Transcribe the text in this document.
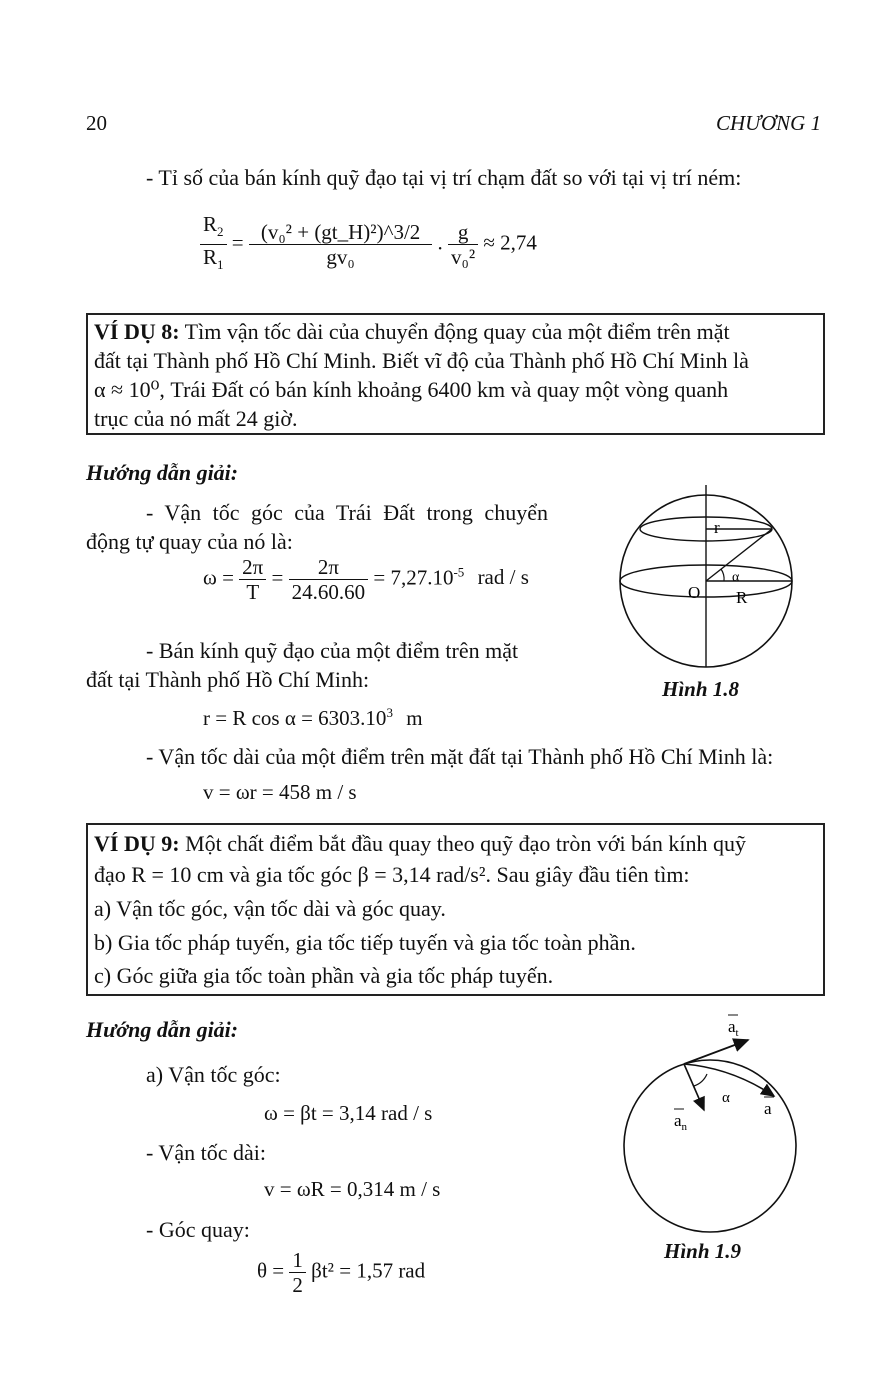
20	CHƯƠNG 1
- Tỉ số của bán kính quỹ đạo tại vị trí chạm đất so với tại vị trí ném:
$\frac{R_2}{R_1} = \frac{\text{(v₀² + (gt\_H)²)\textasciicircum{}3/2}}{\text{gv₀}}$ . $\frac{g}{\text{v₀²}} \approx 2,74$
VÍ DỤ 8: Tìm vận tốc dài của chuyển động quay của một điểm trên mặt
đất tại Thành phố Hồ Chí Minh. Biết vĩ độ của Thành phố Hồ Chí Minh là
α ≈ 10⁰, Trái Đất có bán kính khoảng 6400 km và quay một vòng quanh
trục của nó mất 24 giờ.
Hướng dẫn giải:
- Vận tốc góc của Trái Đất trong chuyển
động tự quay của nó là:
$\omega = \frac{2\pi}{T} = \frac{2\pi}{24.60.60} = 7,27.10^{-5}$ rad / s
- Bán kính quỹ đạo của một điểm trên mặt
đất tại Thành phố Hồ Chí Minh:
r = R $\cos \alpha = 6303.10^3$ m
- Vận tốc dài của một điểm trên mặt đất tại Thành phố Hồ Chí Minh là:
v = ωr = 458 m / s
r
O
α
R
Hình 1.8
VÍ DỤ 9: Một chất điểm bắt đầu quay theo quỹ đạo tròn với bán kính quỹ
đạo R = 10 cm và gia tốc góc β = 3,14 rad/s². Sau giây đầu tiên tìm:
a) Vận tốc góc, vận tốc dài và góc quay.
b) Gia tốc pháp tuyến, gia tốc tiếp tuyến và gia tốc toàn phần.
c) Góc giữa gia tốc toàn phần và gia tốc pháp tuyến.
Hướng dẫn giải:
a) Vận tốc góc:
ω = βt = 3,14 rad / s
- Vận tốc dài:
v = ωR = 0,314 m / s
- Góc quay:
$\theta = \frac{1}{2} \beta t^2 = 1,57$ rad
$a_t$
α
a
$a_n$
Hình 1.9
